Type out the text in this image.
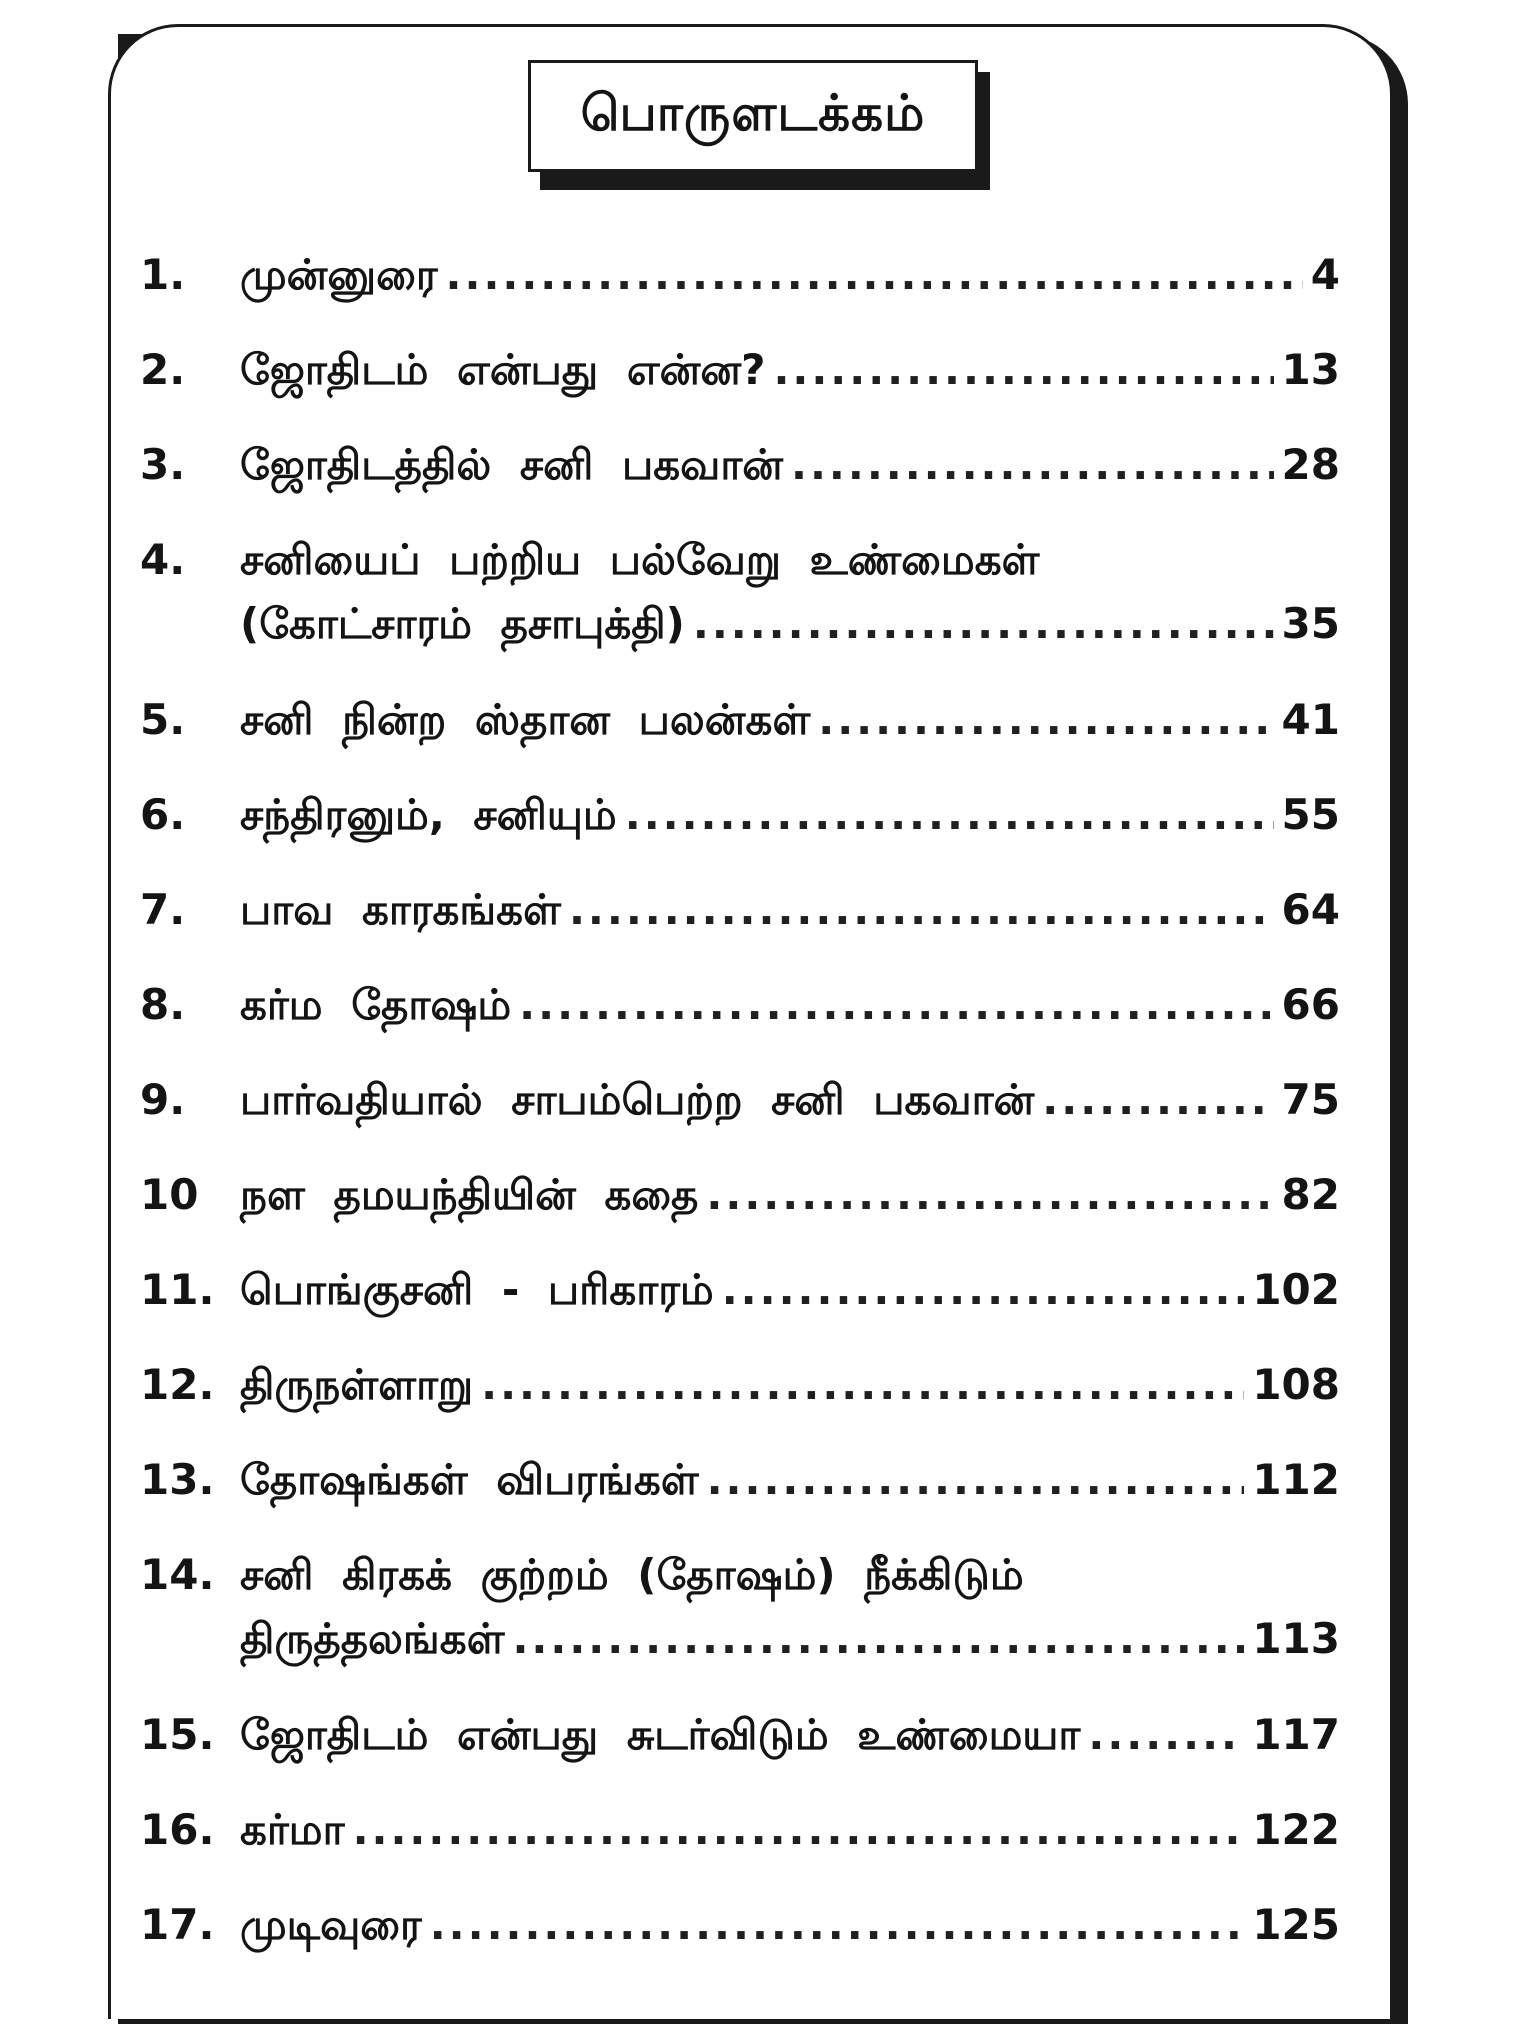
பொருளடக்கம்
1.	முன்னுரை .....	4
2.	ஜோதிடம் என்பது என்ன? .....	13
3.	ஜோதிடத்தில் சனி பகவான் .....	28
4.	சனியைப் பற்றிய பல்வேறு உண்மைகள்
(கோட்சாரம் தசாபுக்தி) .....	35
5.	சனி நின்ற ஸ்தான பலன்கள் .....	41
6.	சந்திரனும், சனியும் .....	55
7.	பாவ காரகங்கள் .....	64
8.	கர்ம தோஷம் .....	66
9.	பார்வதியால் சாபம்பெற்ற சனி பகவான் .....	75
10 நள தமயந்தியின் கதை .....	82
11. பொங்குசனி - பரிகாரம் .....	102
12. திருநள்ளாறு .....	108
13. தோஷங்கள் விபரங்கள் .....	112
14. சனி கிரகக் குற்றம் (தோஷம்) நீக்கிடும்
திருத்தலங்கள் .....	113
15. ஜோதிடம் என்பது சுடர்விடும் உண்மையா .....	117
16. கர்மா .....	122
17. முடிவுரை .....	125
